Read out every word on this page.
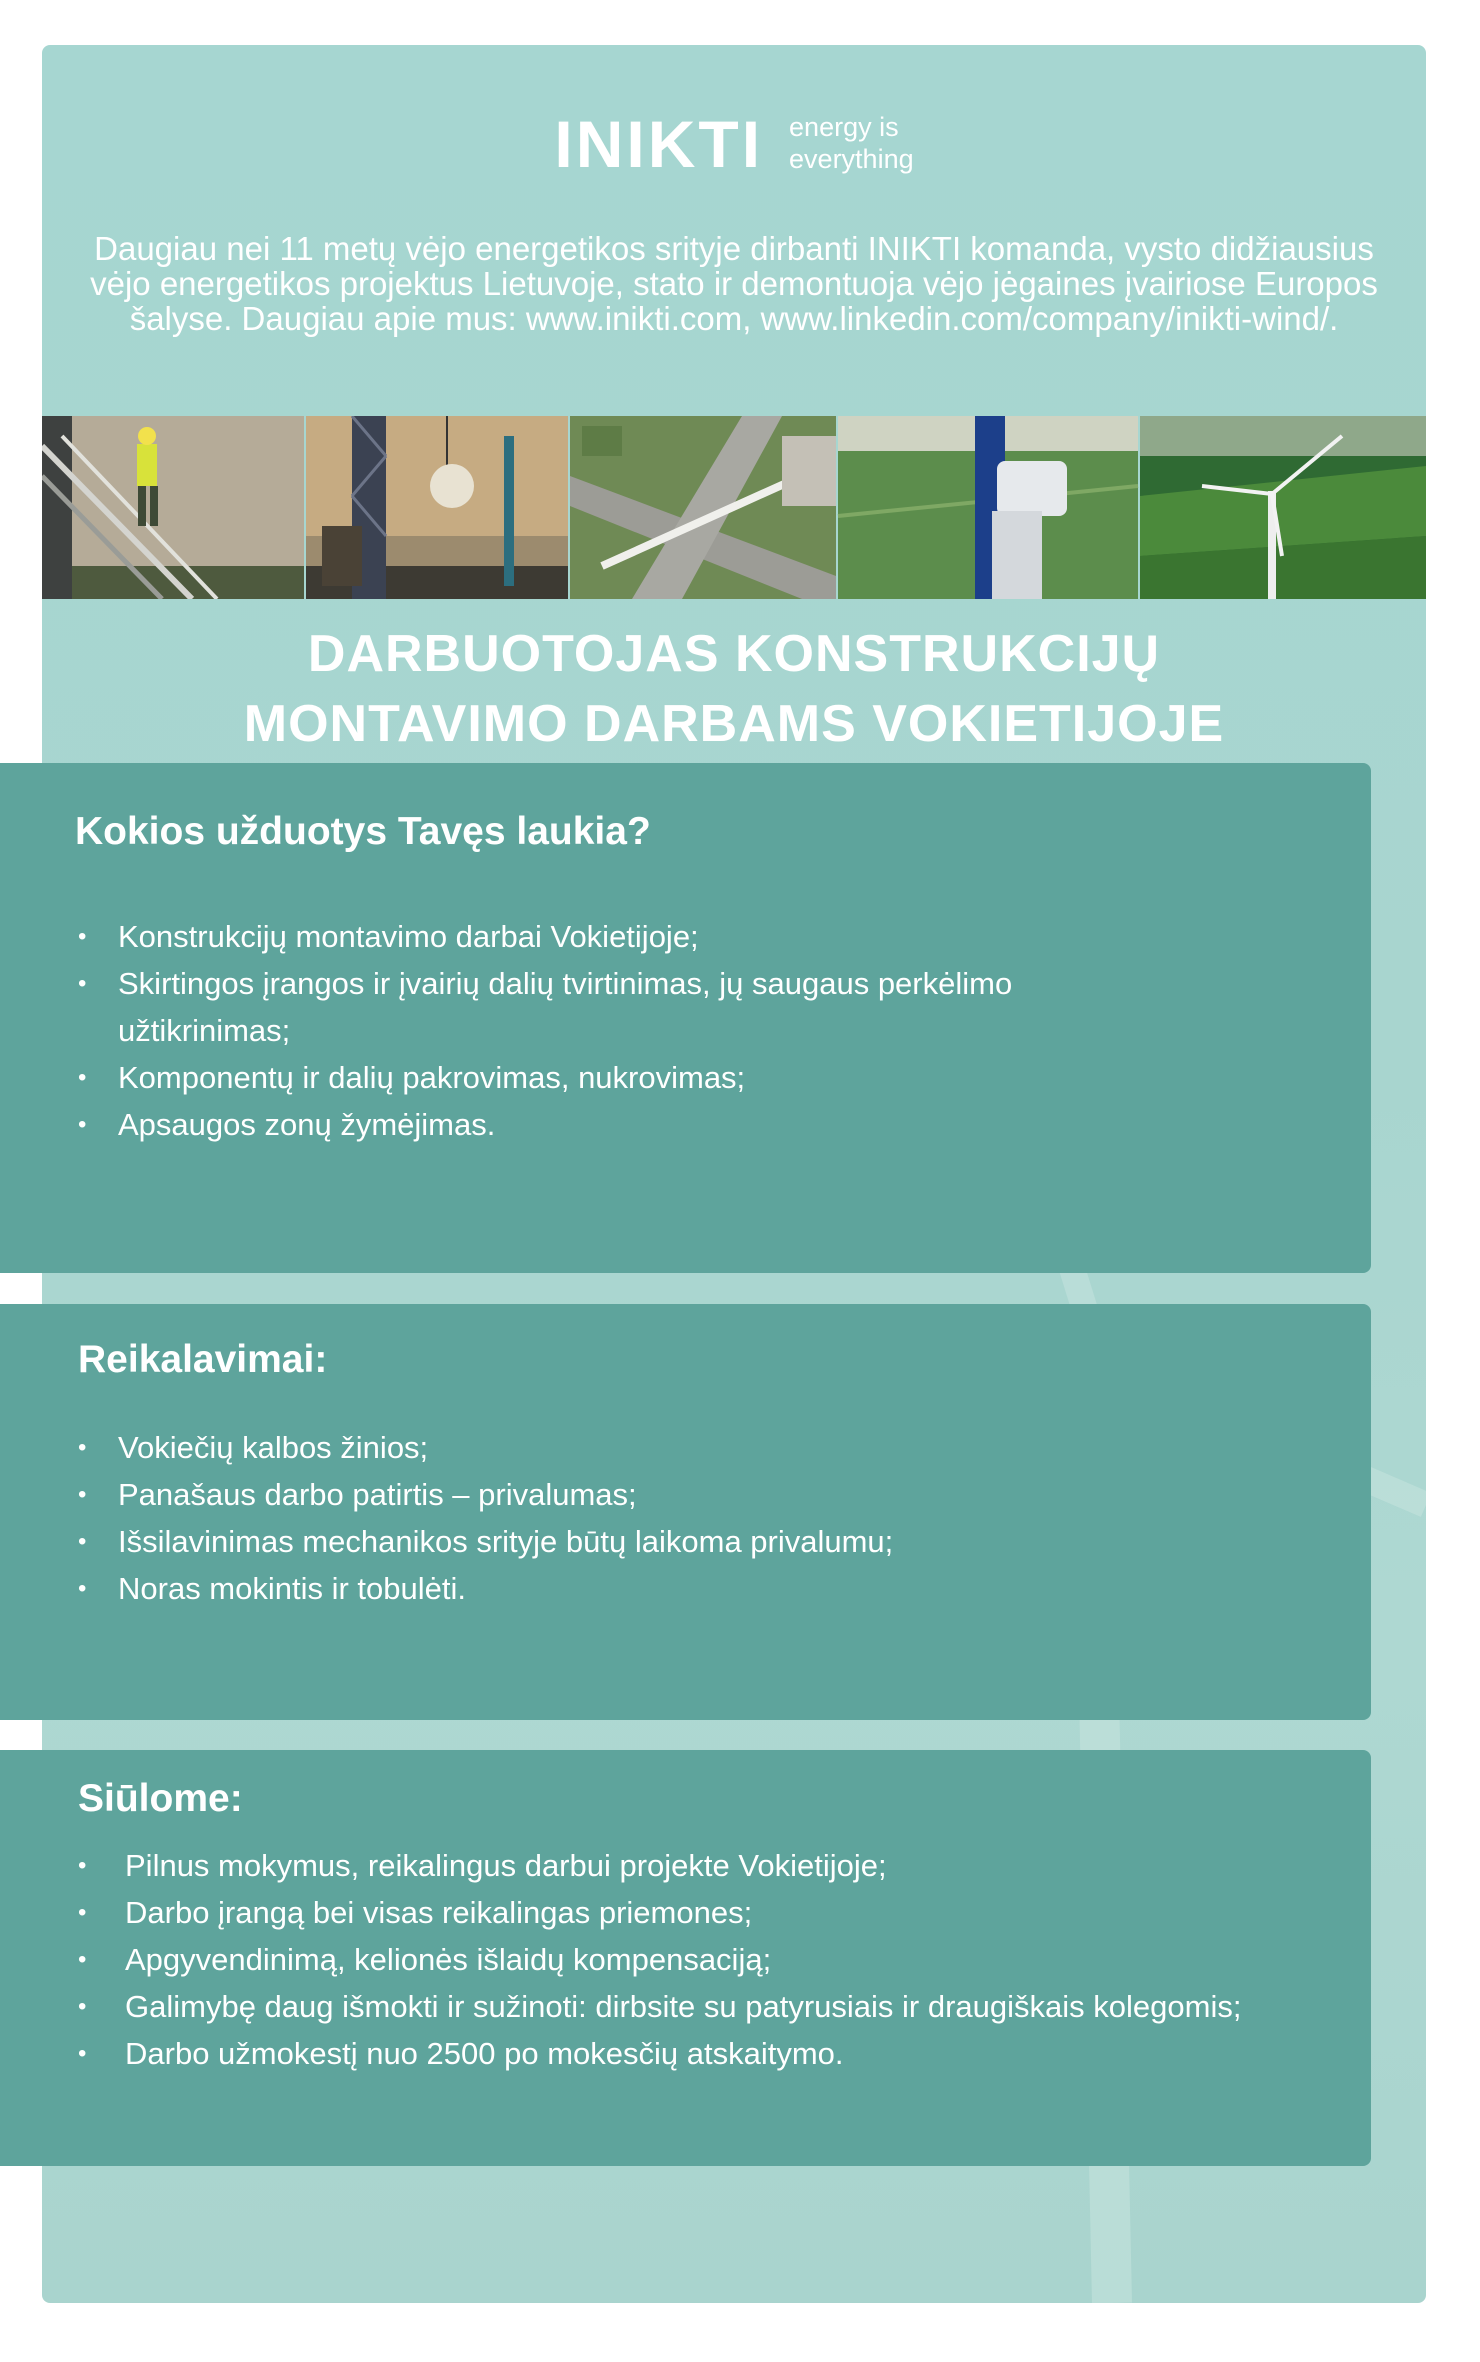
INIKTI energy is
everything

Daugiau nei 11 metų vėjo energetikos srityje dirbanti INIKTI komanda, vysto didžiausius vėjo energetikos projektus Lietuvoje, stato ir demontuoja vėjo jėgaines įvairiose Europos šalyse. Daugiau apie mus: www.inikti.com, www.linkedin.com/company/inikti-wind/.

DARBUOTOJAS KONSTRUKCIJŲ
MONTAVIMO DARBAMS VOKIETIJOJE
Kokios užduotys Tavęs laukia?
• Konstrukcijų montavimo darbai Vokietijoje;
• Skirtingos įrangos ir įvairių dalių tvirtinimas, jų saugaus perkėlimo užtikrinimas;
• Komponentų ir dalių pakrovimas, nukrovimas;
• Apsaugos zonų žymėjimas.
Reikalavimai:
• Vokiečių kalbos žinios;
• Panašaus darbo patirtis – privalumas;
• Išsilavinimas mechanikos srityje būtų laikoma privalumu;
• Noras mokintis ir tobulėti.
Siūlome:
• Pilnus mokymus, reikalingus darbui projekte Vokietijoje;
• Darbo įrangą bei visas reikalingas priemones;
• Apgyvendinimą, kelionės išlaidų kompensaciją;
• Galimybę daug išmokti ir sužinoti: dirbsite su patyrusiais ir draugiškais kolegomis;
• Darbo užmokestį nuo 2500 po mokesčių atskaitymo.
